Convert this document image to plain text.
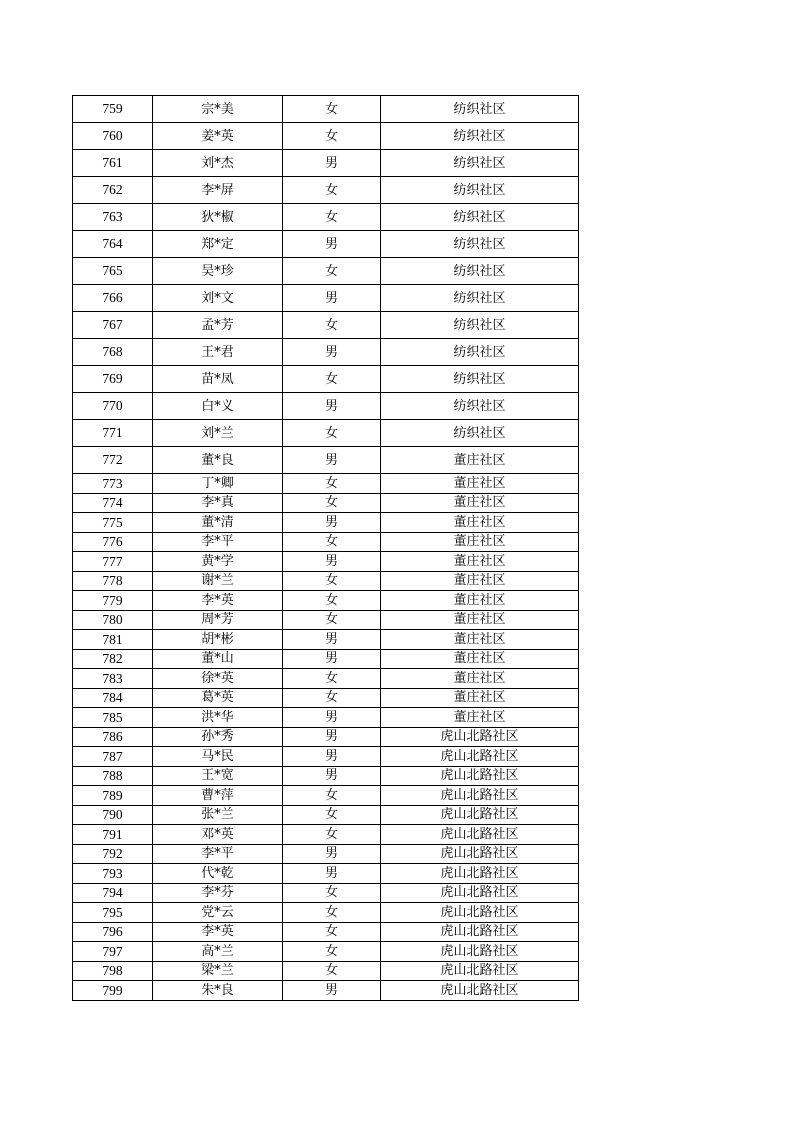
759	宗*美	女	纺织社区
760	姜*英	女	纺织社区
761	刘*杰	男	纺织社区
762	李*屏	女	纺织社区
763	狄*椒	女	纺织社区
764	郑*定	男	纺织社区
765	吴*珍	女	纺织社区
766	刘*文	男	纺织社区
767	孟*芳	女	纺织社区
768	王*君	男	纺织社区
769	苗*凤	女	纺织社区
770	白*义	男	纺织社区
771	刘*兰	女	纺织社区
772	董*良	男	董庄社区
773	丁*卿	女	董庄社区
774	李*真	女	董庄社区
775	董*清	男	董庄社区
776	李*平	女	董庄社区
777	黄*学	男	董庄社区
778	谢*兰	女	董庄社区
779	李*英	女	董庄社区
780	周*芳	女	董庄社区
781	胡*彬	男	董庄社区
782	董*山	男	董庄社区
783	徐*英	女	董庄社区
784	葛*英	女	董庄社区
785	洪*华	男	董庄社区
786	孙*秀	男	虎山北路社区
787	马*民	男	虎山北路社区
788	王*宽	男	虎山北路社区
789	曹*萍	女	虎山北路社区
790	张*兰	女	虎山北路社区
791	邓*英	女	虎山北路社区
792	李*平	男	虎山北路社区
793	代*乾	男	虎山北路社区
794	李*芬	女	虎山北路社区
795	党*云	女	虎山北路社区
796	李*英	女	虎山北路社区
797	高*兰	女	虎山北路社区
798	梁*兰	女	虎山北路社区
799	朱*良	男	虎山北路社区
